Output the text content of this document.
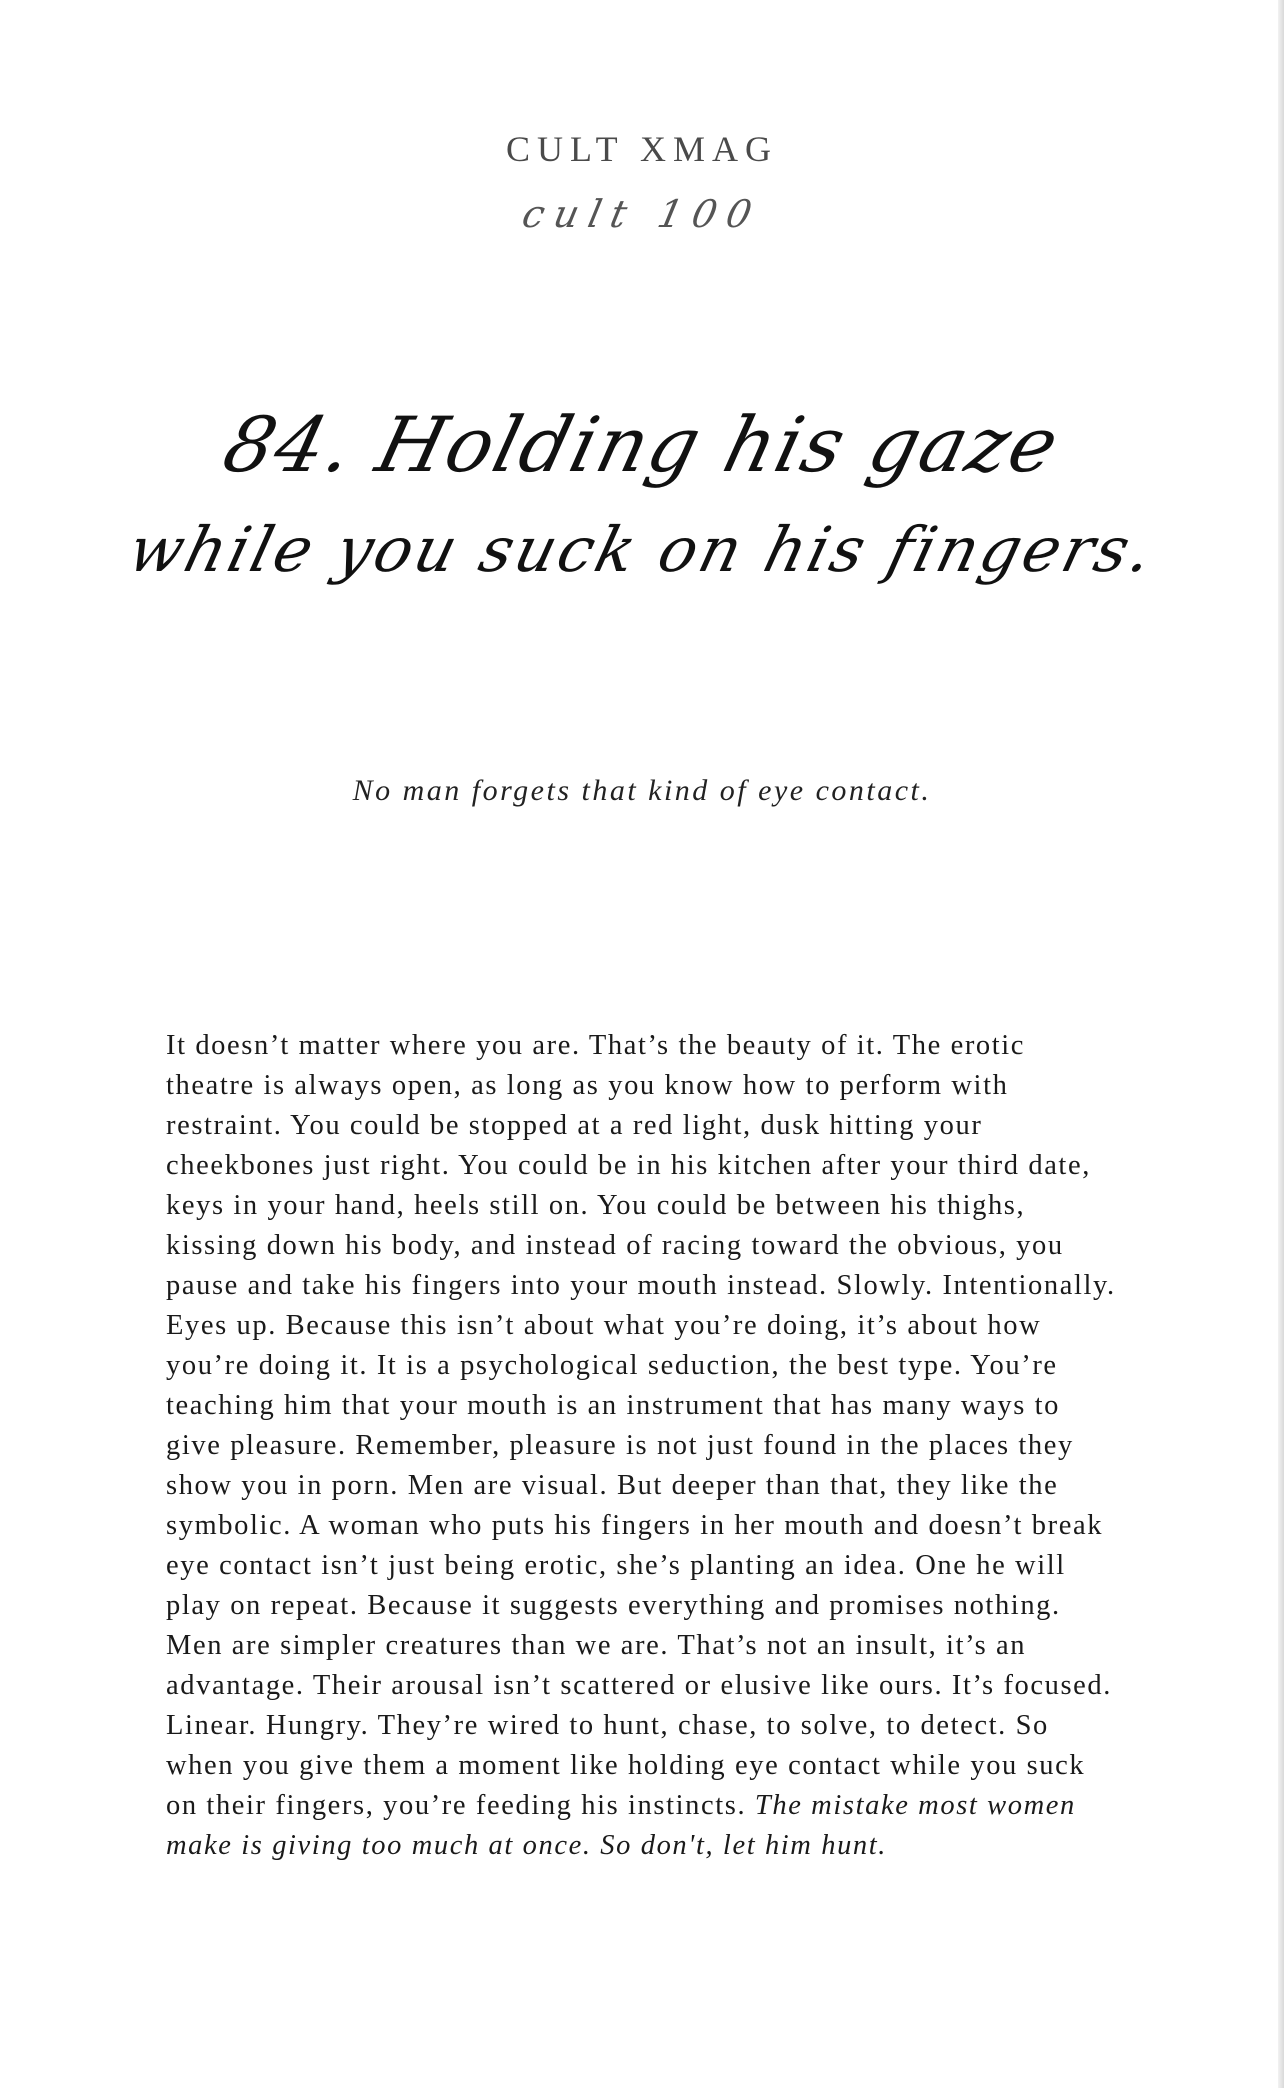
CULT XMAG
cult 100
84. Holding his gaze
while you suck on his fingers.
No man forgets that kind of eye contact.
It doesn’t matter where you are. That’s the beauty of it. The erotic theatre is always open, as long as you know how to perform with restraint. You could be stopped at a red light, dusk hitting your cheekbones just right. You could be in his kitchen after your third date, keys in your hand, heels still on. You could be between his thighs, kissing down his body, and instead of racing toward the obvious, you pause and take his fingers into your mouth instead. Slowly. Intentionally. Eyes up. Because this isn’t about what you’re doing, it’s about how you’re doing it. It is a psychological seduction, the best type. You’re teaching him that your mouth is an instrument that has many ways to give pleasure. Remember, pleasure is not just found in the places they show you in porn. Men are visual. But deeper than that, they like the symbolic. A woman who puts his fingers in her mouth and doesn’t break eye contact isn’t just being erotic, she’s planting an idea. One he will play on repeat. Because it suggests everything and promises nothing. Men are simpler creatures than we are. That’s not an insult, it’s an advantage. Their arousal isn’t scattered or elusive like ours. It’s focused. Linear. Hungry. They’re wired to hunt, chase, to solve, to detect. So when you give them a moment like holding eye contact while you suck on their fingers, you’re feeding his instincts. The mistake most women make is giving too much at once. So don't, let him hunt.
